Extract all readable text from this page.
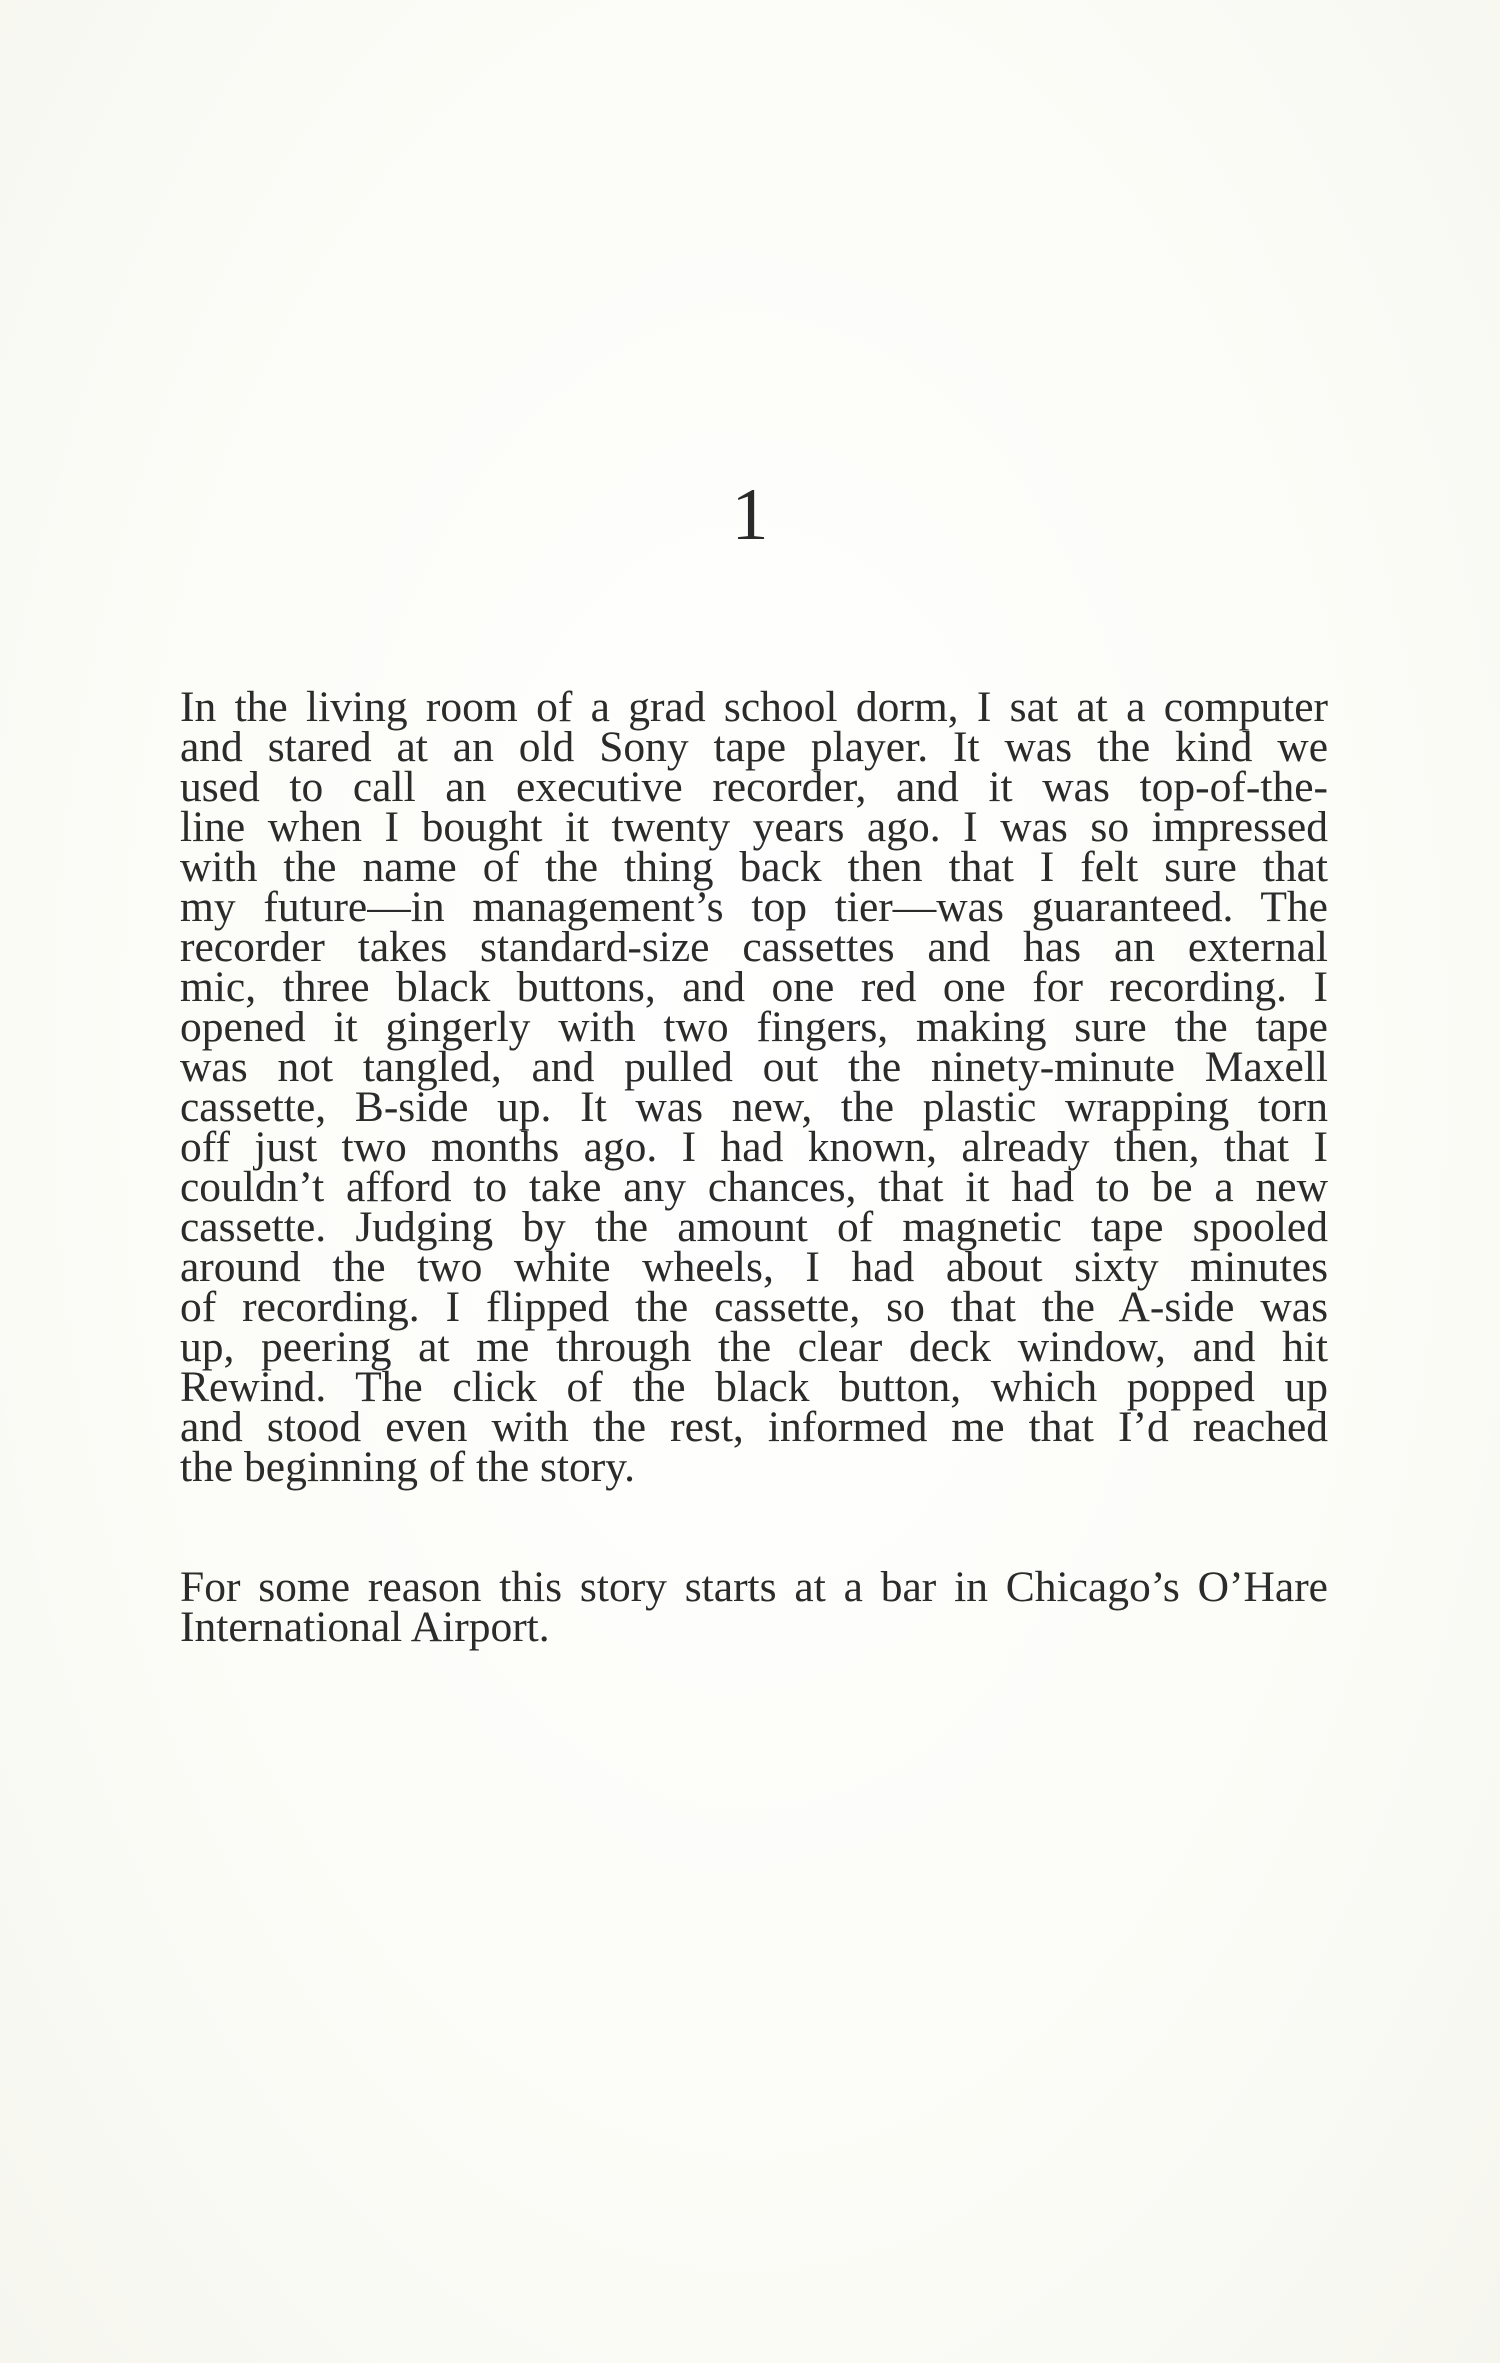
1
In the living room of a grad school dorm, I sat at a computer
and stared at an old Sony tape player. It was the kind we
used to call an executive recorder, and it was top-of-the-
line when I bought it twenty years ago. I was so impressed
with the name of the thing back then that I felt sure that
my future—in management’s top tier—was guaranteed. The
recorder takes standard-size cassettes and has an external
mic, three black buttons, and one red one for recording. I
opened it gingerly with two fingers, making sure the tape
was not tangled, and pulled out the ninety-minute Maxell
cassette, B-side up. It was new, the plastic wrapping torn
off just two months ago. I had known, already then, that I
couldn’t afford to take any chances, that it had to be a new
cassette. Judging by the amount of magnetic tape spooled
around the two white wheels, I had about sixty minutes
of recording. I flipped the cassette, so that the A-side was
up, peering at me through the clear deck window, and hit
Rewind. The click of the black button, which popped up
and stood even with the rest, informed me that I’d reached
the beginning of the story.
For some reason this story starts at a bar in Chicago’s O’Hare
International Airport.
